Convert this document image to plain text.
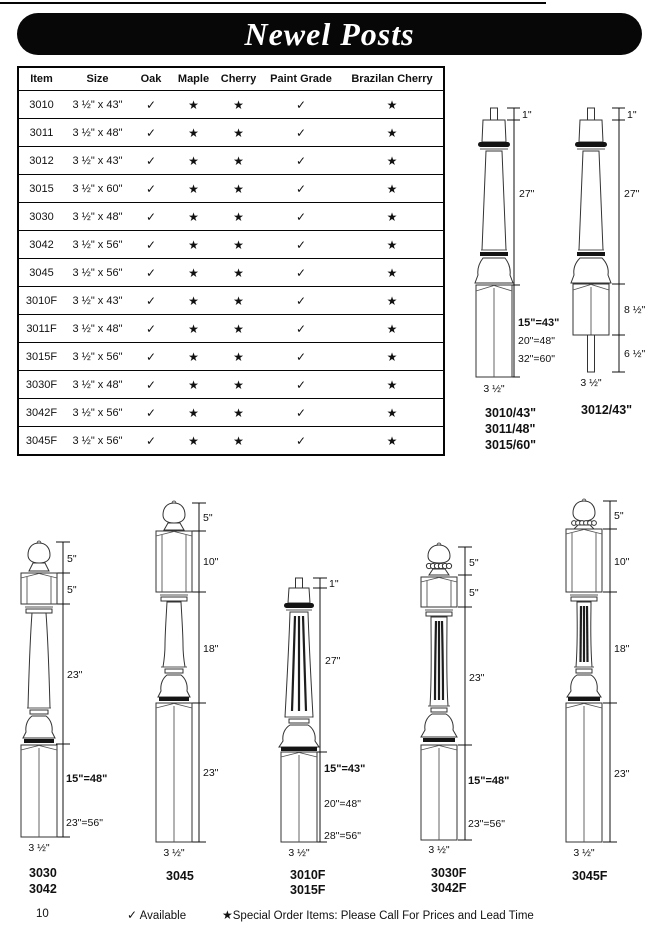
Newel Posts
Item	Size	Oak	Maple	Cherry	Paint Grade	Brazilan Cherry
3010	3 ½" x 43"	✓	★	★	✓	★
3011	3 ½" x 48"	✓	★	★	✓	★
3012	3 ½" x 43"	✓	★	★	✓	★
3015	3 ½" x 60"	✓	★	★	✓	★
3030	3 ½" x 48"	✓	★	★	✓	★
3042	3 ½" x 56"	✓	★	★	✓	★
3045	3 ½" x 56"	✓	★	★	✓	★
3010F	3 ½" x 43"	✓	★	★	✓	★
3011F	3 ½" x 48"	✓	★	★	✓	★
3015F	3 ½" x 56"	✓	★	★	✓	★
3030F	3 ½" x 48"	✓	★	★	✓	★
3042F	3 ½" x 56"	✓	★	★	✓	★
3045F	3 ½" x 56"	✓	★	★	✓	★
1"
27"
15"=43"
20"=48"
32"=60"
3 ½"
3010/43"
3011/48"
3015/60"
1"
27"
8 ½"
6 ½"
3 ½"
3012/43"
5"
5"
23"
15"=48"
23"=56"
3 ½"
3030
3042
5"
10"
18"
23"
3 ½"
3045
1"
27"
15"=43"
20"=48"
28"=56"
3 ½"
3010F
3015F
5"
5"
23"
15"=48"
23"=56"
3 ½"
3030F
3042F
5"
10"
18"
23"
3 ½"
3045F
10	✓ Available	★Special Order Items: Please Call For Prices and Lead Time
